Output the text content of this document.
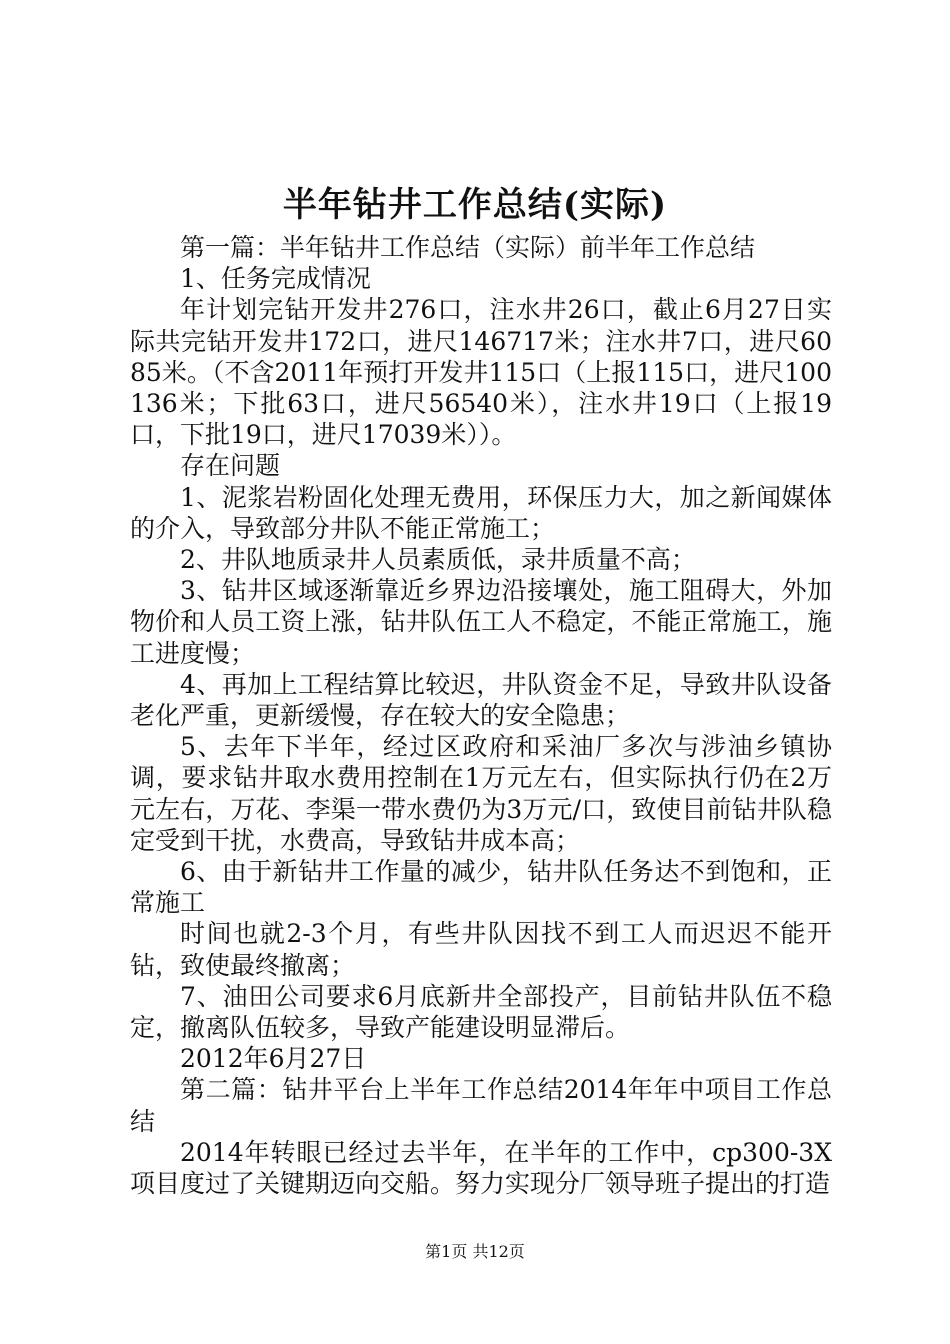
半年钻井工作总结(实际)

第一篇：半年钻井工作总结（实际）前半年工作总结

1、任务完成情况

年计划完钻开发井276口，注水井26口，截止6月27日实际共完钻开发井172口，进尺146717米；注水井7口，进尺6085米。（不含2011年预打开发井115口（上报115口，进尺100136米；下批63口，进尺56540米），注水井19口（上报19口，下批19口，进尺17039米））。

存在问题

1、泥浆岩粉固化处理无费用，环保压力大，加之新闻媒体的介入，导致部分井队不能正常施工；

2、井队地质录井人员素质低，录井质量不高；

3、钻井区域逐渐靠近乡界边沿接壤处，施工阻碍大，外加物价和人员工资上涨，钻井队伍工人不稳定，不能正常施工，施工进度慢；

4、再加上工程结算比较迟，井队资金不足，导致井队设备老化严重，更新缓慢，存在较大的安全隐患；

5、去年下半年，经过区政府和采油厂多次与涉油乡镇协调，要求钻井取水费用控制在1万元左右，但实际执行仍在2万元左右，万花、李渠一带水费仍为3万元/口，致使目前钻井队稳定受到干扰，水费高，导致钻井成本高；

6、由于新钻井工作量的减少，钻井队任务达不到饱和，正常施工

时间也就2-3个月，有些井队因找不到工人而迟迟不能开钻，致使最终撤离；

7、油田公司要求6月底新井全部投产，目前钻井队伍不稳定，撤离队伍较多，导致产能建设明显滞后。

2012年6月27日

第二篇：钻井平台上半年工作总结2014年年中项目工作总结

2014年转眼已经过去半年，在半年的工作中，cp300-3X项目度过了关键期迈向交船。努力实现分厂领导班子提出的打造

第1页 共12页
